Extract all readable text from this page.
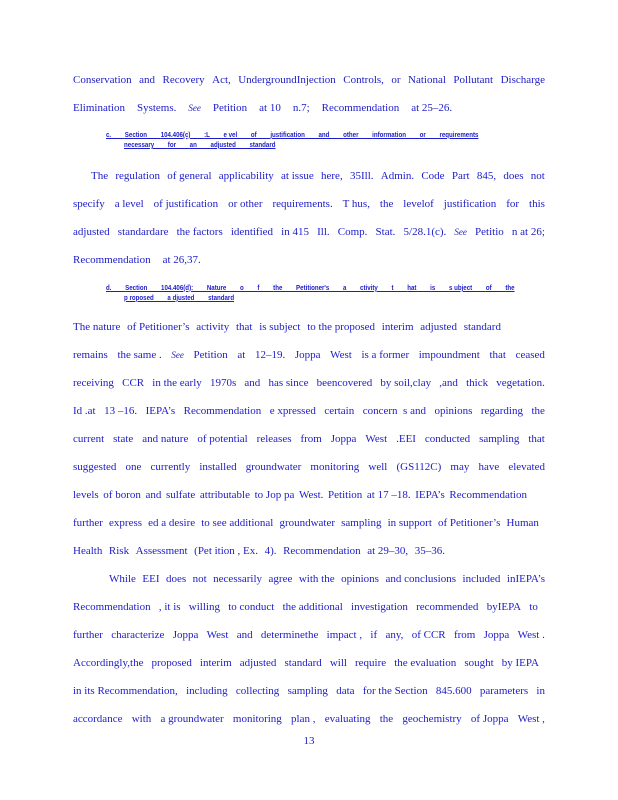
Conservation and Recovery Act, UndergroundInjection Controls, or National Pollutant Discharge
Elimination Systems. See Petition at 10 n.7; Recommendation at 25–26.
c.        Section        104.406(c)        :L        e vel        of        justification        and        other        information        or        requirements
necessary        for        an        adjusted        standard
The regulation of general applicability at issue here, 35Ill. Admin. Code Part 845, does not
specify a level of justification or other requirements. T hus, the levelof justification for this
adjusted standardare the factors identified in 415 Ill. Comp. Stat. 5/28.1(c). See Petitio n at 26;
Recommendation at 26,37.
d.        Section        104.406(d):        Nature        o        f        the        Petitioner's        a        ctivity        t        hat        is        s ubject        of        the
p roposed        a djusted        standard
The nature of Petitioner’s activity that is subject to the proposed interim adjusted standard
remains the same . See Petition at 12–19. Joppa West is a former impoundment that ceased
receiving CCR in the early 1970s and has since beencovered by soil,clay ,and thick vegetation.
Id .at 13 –16. IEPA’s Recommendation e xpressed certain concern  s and opinions regarding the
current state and nature of potential releases from Joppa West .EEI conducted sampling that
suggested one currently installed groundwater monitoring well (GS112C) may have elevated
levels of boron and sulfate attributable to Jop pa West. Petition at 17 –18. IEPA’s Recommendation
further express ed a desire to see additional groundwater sampling in support of Petitioner’s Human
Health Risk Assessment (Pet ition , Ex. 4). Recommendation at 29–30, 35–36.
While EEI does not necessarily agree with the opinions and conclusions included inIEPA’s
Recommendation , it is willing to conduct the additional investigation recommended byIEPA to
further characterize Joppa West and determinethe impact , if any, of CCR from Joppa West .
Accordingly,the proposed interim adjusted standard will require the evaluation sought by IEPA
in its Recommendation, including collecting sampling data for the Section 845.600 parameters in
accordance with a groundwater monitoring plan , evaluating the geochemistry of Joppa West ,
13
